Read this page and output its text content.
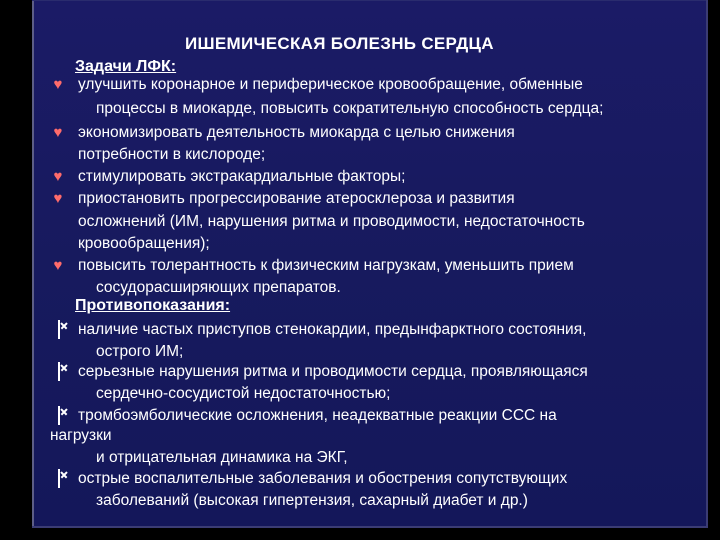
ИШЕМИЧЕСКАЯ БОЛЕЗНЬ СЕРДЦА
Задачи ЛФК:
♥ улучшить коронарное и периферическое кровообращение, обменные
процессы в миокарде, повысить сократительную способность сердца;
♥ экономизировать деятельность миокарда с целью снижения
потребности в кислороде;
♥ стимулировать экстракардиальные факторы;
♥ приостановить прогрессирование атеросклероза и развития
осложнений (ИМ, нарушения ритма и проводимости, недостаточность
кровообращения);
♥ повысить толерантность к физическим нагрузкам, уменьшить прием
сосудорасширяющих препаратов.
Противопоказания:
наличие частых приступов стенокардии, предынфарктного состояния,
острого ИМ;
серьезные нарушения ритма и проводимости сердца, проявляющаяся
сердечно-сосудистой недостаточностью;
тромбоэмболические осложнения, неадекватные реакции ССС на
нагрузки
и отрицательная динамика на ЭКГ,
острые воспалительные заболевания и обострения сопутствующих
заболеваний (высокая гипертензия, сахарный диабет и др.)
